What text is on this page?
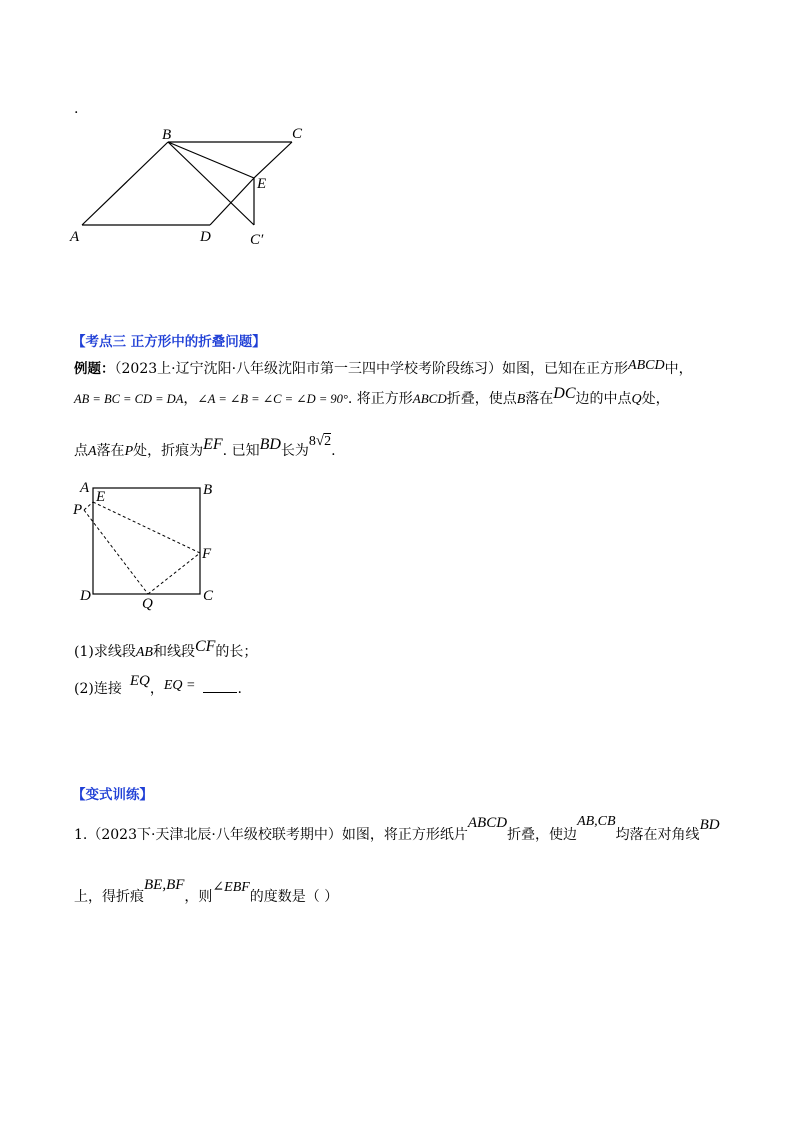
.
B	C
E
A	D	C′
【考点三 正方形中的折叠问题】
例题：（2023上·辽宁沈阳·八年级沈阳市第一三四中学校考阶段练习）如图，已知在正方形ABCD中，
AB = BC = CD = DA，∠A = ∠B = ∠C = ∠D = 90°. 将正方形ABCD折叠，使点B落在DC边的中点Q处，
点A落在P处，折痕为EF. 已知BD长为8√2.
A
E	B
P
F
D	Q	C
(1)求线段AB和线段CF的长；
(2)连接 EQ，EQ =	.
【变式训练】
1.（2023下·天津北辰·八年级校联考期中）如图，将正方形纸片ABCD折叠，使边AB,CB均落在对角线BD
上，得折痕BE,BF，则∠EBF的度数是（ ）
